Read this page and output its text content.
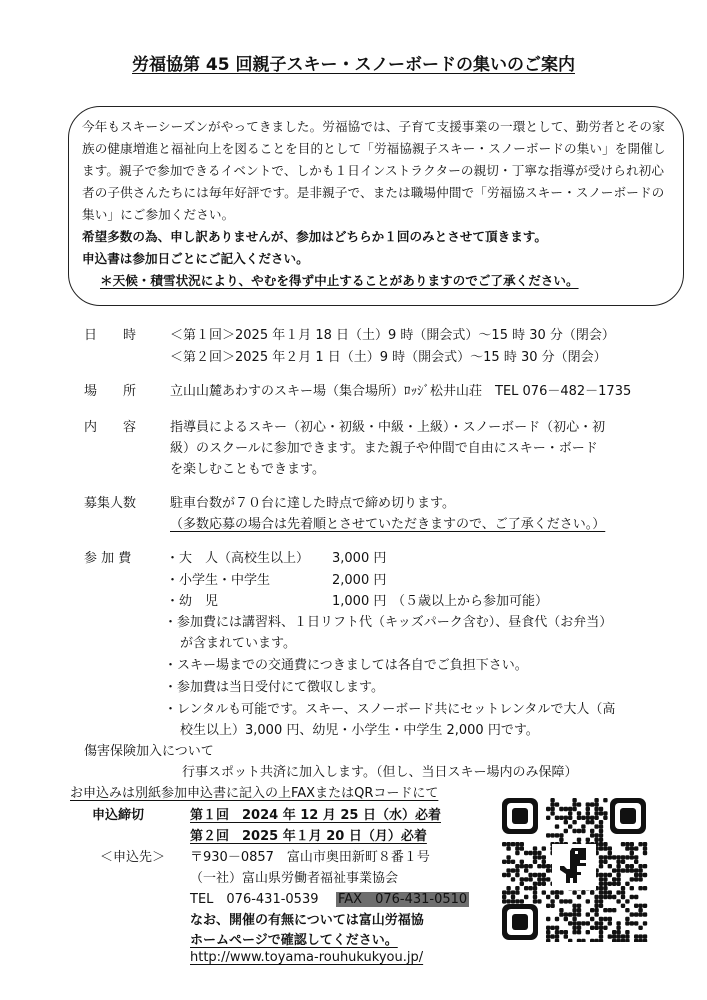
労福協第 45 回親子スキー・スノーボードの集いのご案内
今年もスキーシーズンがやってきました。労福協では、子育て支援事業の一環として、勤労者とその家族の健康増進と福祉向上を図ることを目的として「労福協親子スキー・スノーボードの集い」を開催します。親子で参加できるイベントで、しかも１日インストラクターの親切・丁寧な指導が受けられ初心者の子供さんたちには毎年好評です。是非親子で、または職場仲間で「労福協スキー・スノーボードの集い」にご参加ください。
希望多数の為、申し訳ありませんが、参加はどちらか１回のみとさせて頂きます。
申込書は参加日ごとにご記入ください。
＊天候・積雪状況により、やむを得ず中止することがありますのでご了承ください。
日　　時	＜第１回＞2025 年１月 18 日（土）9 時（開会式）～15 時 30 分（閉会）
＜第２回＞2025 年２月 1 日（土）9 時（開会式）～15 時 30 分（閉会）
場　　所	立山山麓あわすのスキー場（集合場所）ﾛｯｼﾞ松井山荘　TEL 076－482－1735
内　　容	指導員によるスキー（初心・初級・中級・上級）・スノーボード（初心・初
級）のスクールに参加できます。また親子や仲間で自由にスキー・ボード
を楽しむこともできます。
募集人数	駐車台数が７０台に達した時点で締め切ります。
（多数応募の場合は先着順とさせていただきますので、ご了承ください。）
参 加 費	・大　人（高校生以上） 3,000 円
・小学生・中学生	2,000 円
・幼　児	1,000 円 （５歳以上から参加可能）
・参加費には講習料、１日リフト代（キッズパーク含む）、昼食代（お弁当）
が含まれています。
・スキー場までの交通費につきましては各自でご負担下さい。
・参加費は当日受付にて徴収します。
・レンタルも可能です。スキー、スノーボード共にセットレンタルで大人（高
校生以上）3,000 円、幼児・小学生・中学生 2,000 円です。
傷害保険加入について
行事スポット共済に加入します。（但し、当日スキー場内のみ保障）
お申込みは別紙参加申込書に記入の上FAXまたはQRコードにて
申込締切	第１回　2024 年 12 月 25 日（水）必着
第２回　2025 年１月 20 日（月）必着
＜申込先＞ 〒930－0857　富山市奥田新町８番１号
（一社）富山県労働者福祉事業協会
TEL　076-431-0539 FAX　076-431-0510
なお、開催の有無については富山労福協
ホームページで確認してください。
http://www.toyama-rouhukukyou.jp/
